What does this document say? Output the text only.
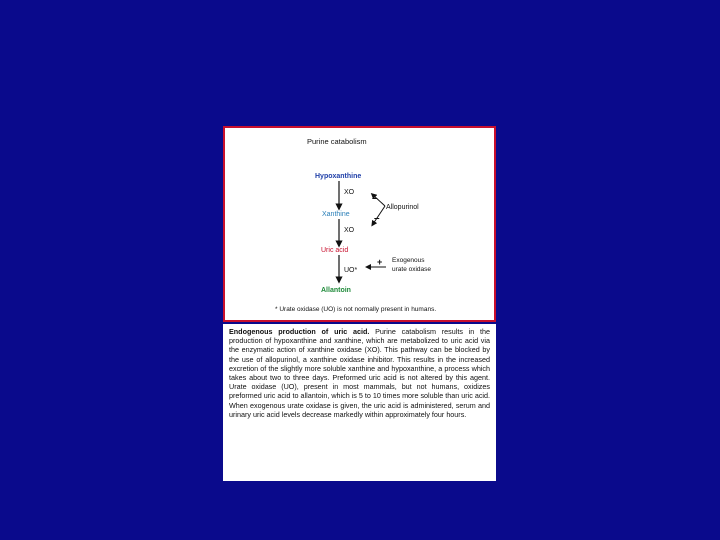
Purine catabolism
Hypoxanthine
XO
Xanthine
XO
Uric acid
UO*
Allantoin
–
–
Allopurinol
+ Exogenous
urate oxidase
* Urate oxidase (UO) is not normally present in humans.
Endogenous production of uric acid. Purine catabolism results in the production of hypoxanthine and xanthine, which are metabolized to uric acid via the enzymatic action of xanthine oxidase (XO). This pathway can be blocked by the use of allopurinol, a xanthine oxidase inhibitor. This results in the increased excretion of the slightly more soluble xanthine and hypoxanthine, a process which takes about two to three days. Preformed uric acid is not altered by this agent. Urate oxidase (UO), present in most mammals, but not humans, oxidizes preformed uric acid to allantoin, which is 5 to 10 times more soluble than uric acid. When exogenous urate oxidase is given, the uric acid is administered, serum and urinary uric acid levels decrease markedly within approximately four hours.
